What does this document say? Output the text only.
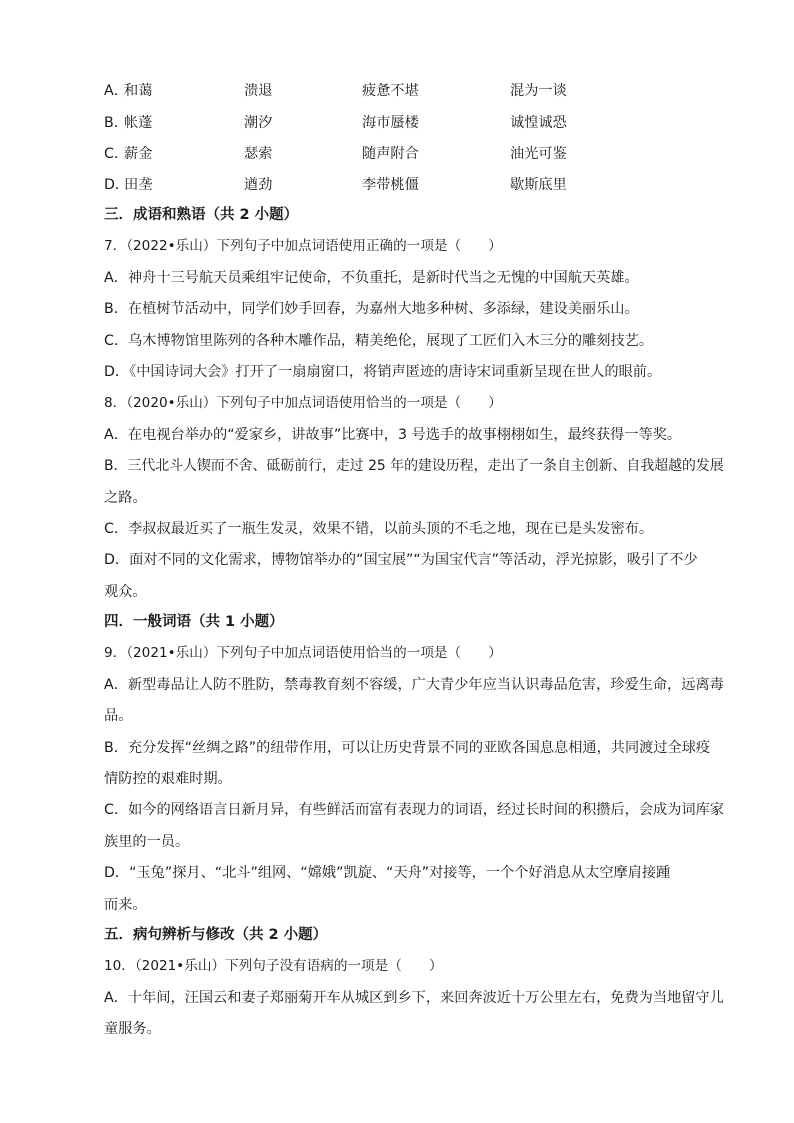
A．
和蔼	溃退	疲惫不堪	混为一谈
B．
帐蓬	潮汐	海市蜃楼	诚惶诚恐
C．
薪金	瑟索	随声附合	油光可鉴
D．
田垄	遒劲	李带桃僵	歇斯底里
三．成语和熟语（共 2 小题）
7．（2022•乐山）下列句子中加点词语使用正确的一项是（　　）
A．神舟十三号航天员乘组牢记使命，不负重托，是新时代当之无愧的中国航天英雄。
B．在植树节活动中，同学们妙手回春，为嘉州大地多种树、多添绿，建设美丽乐山。
C．乌木博物馆里陈列的各种木雕作品，精美绝伦，展现了工匠们入木三分的雕刻技艺。
D．《中国诗词大会》打开了一扇扇窗口，将销声匿迹的唐诗宋词重新呈现在世人的眼前。
8．（2020•乐山）下列句子中加点词语使用恰当的一项是（　　）
A．在电视台举办的“爱家乡，讲故事”比赛中，3 号选手的故事栩栩如生，最终获得一等奖。
B．三代北斗人锲而不舍、砥砺前行，走过 25 年的建设历程，走出了一条自主创新、自我超越的发展
之路。
C．李叔叔最近买了一瓶生发灵，效果不错，以前头顶的不毛之地，现在已是头发密布。
D．面对不同的文化需求，博物馆举办的“国宝展”“为国宝代言”等活动，浮光掠影，吸引了不少
观众。
四．一般词语（共 1 小题）
9．（2021•乐山）下列句子中加点词语使用恰当的一项是（　　）
A．新型毒品让人防不胜防，禁毒教育刻不容缓，广大青少年应当认识毒品危害，珍爱生命，远离毒
品。
B．充分发挥“丝绸之路”的纽带作用，可以让历史背景不同的亚欧各国息息相通，共同渡过全球疫
情防控的艰难时期。
C．如今的网络语言日新月异，有些鲜活而富有表现力的词语，经过长时间的积攒后，会成为词库家
族里的一员。
D．“玉兔”探月、“北斗”组网、“嫦娥”凯旋、“天舟”对接等，一个个好消息从太空摩肩接踵
而来。
五．病句辨析与修改（共 2 小题）
10．（2021•乐山）下列句子没有语病的一项是（　　）
A．十年间，汪国云和妻子郑丽菊开车从城区到乡下，来回奔波近十万公里左右，免费为当地留守儿
童服务。
